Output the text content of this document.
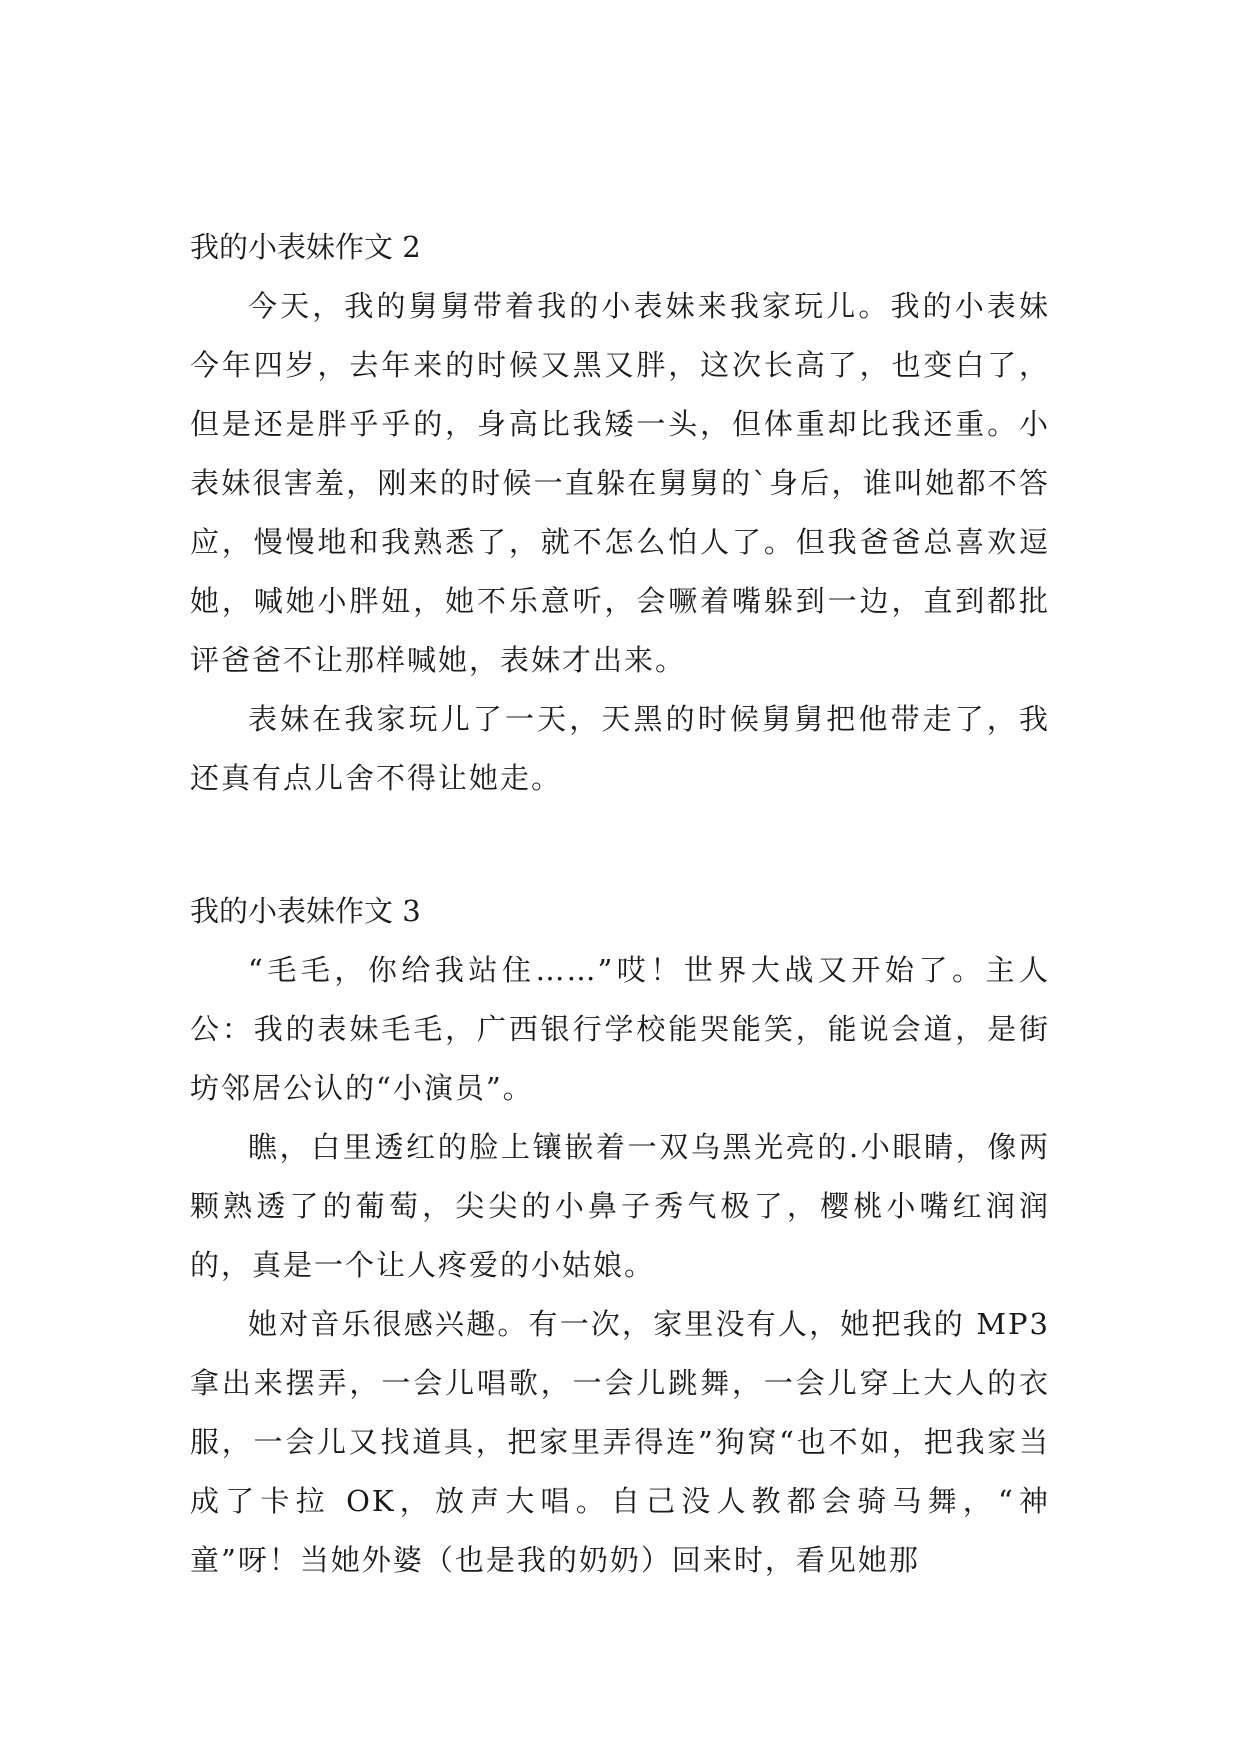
我的小表妹作文 2

今天，我的舅舅带着我的小表妹来我家玩儿。我的小表妹今年四岁，去年来的时候又黑又胖，这次长高了，也变白了，但是还是胖乎乎的，身高比我矮一头，但体重却比我还重。小表妹很害羞，刚来的时候一直躲在舅舅的`身后，谁叫她都不答应，慢慢地和我熟悉了，就不怎么怕人了。但我爸爸总喜欢逗她，喊她小胖妞，她不乐意听，会噘着嘴躲到一边，直到都批评爸爸不让那样喊她，表妹才出来。

表妹在我家玩儿了一天，天黑的时候舅舅把他带走了，我还真有点儿舍不得让她走。

我的小表妹作文 3

“毛毛，你给我站住……”哎！世界大战又开始了。主人公：我的表妹毛毛，广西银行学校能哭能笑，能说会道，是街坊邻居公认的“小演员”。

瞧，白里透红的脸上镶嵌着一双乌黑光亮的.小眼睛，像两颗熟透了的葡萄，尖尖的小鼻子秀气极了，樱桃小嘴红润润的，真是一个让人疼爱的小姑娘。

她对音乐很感兴趣。有一次，家里没有人，她把我的 MP3 拿出来摆弄，一会儿唱歌，一会儿跳舞，一会儿穿上大人的衣服，一会儿又找道具，把家里弄得连”狗窝“也不如，把我家当成了卡拉 OK，放声大唱。自己没人教都会骑马舞，“神童”呀！当她外婆（也是我的奶奶）回来时，看见她那
